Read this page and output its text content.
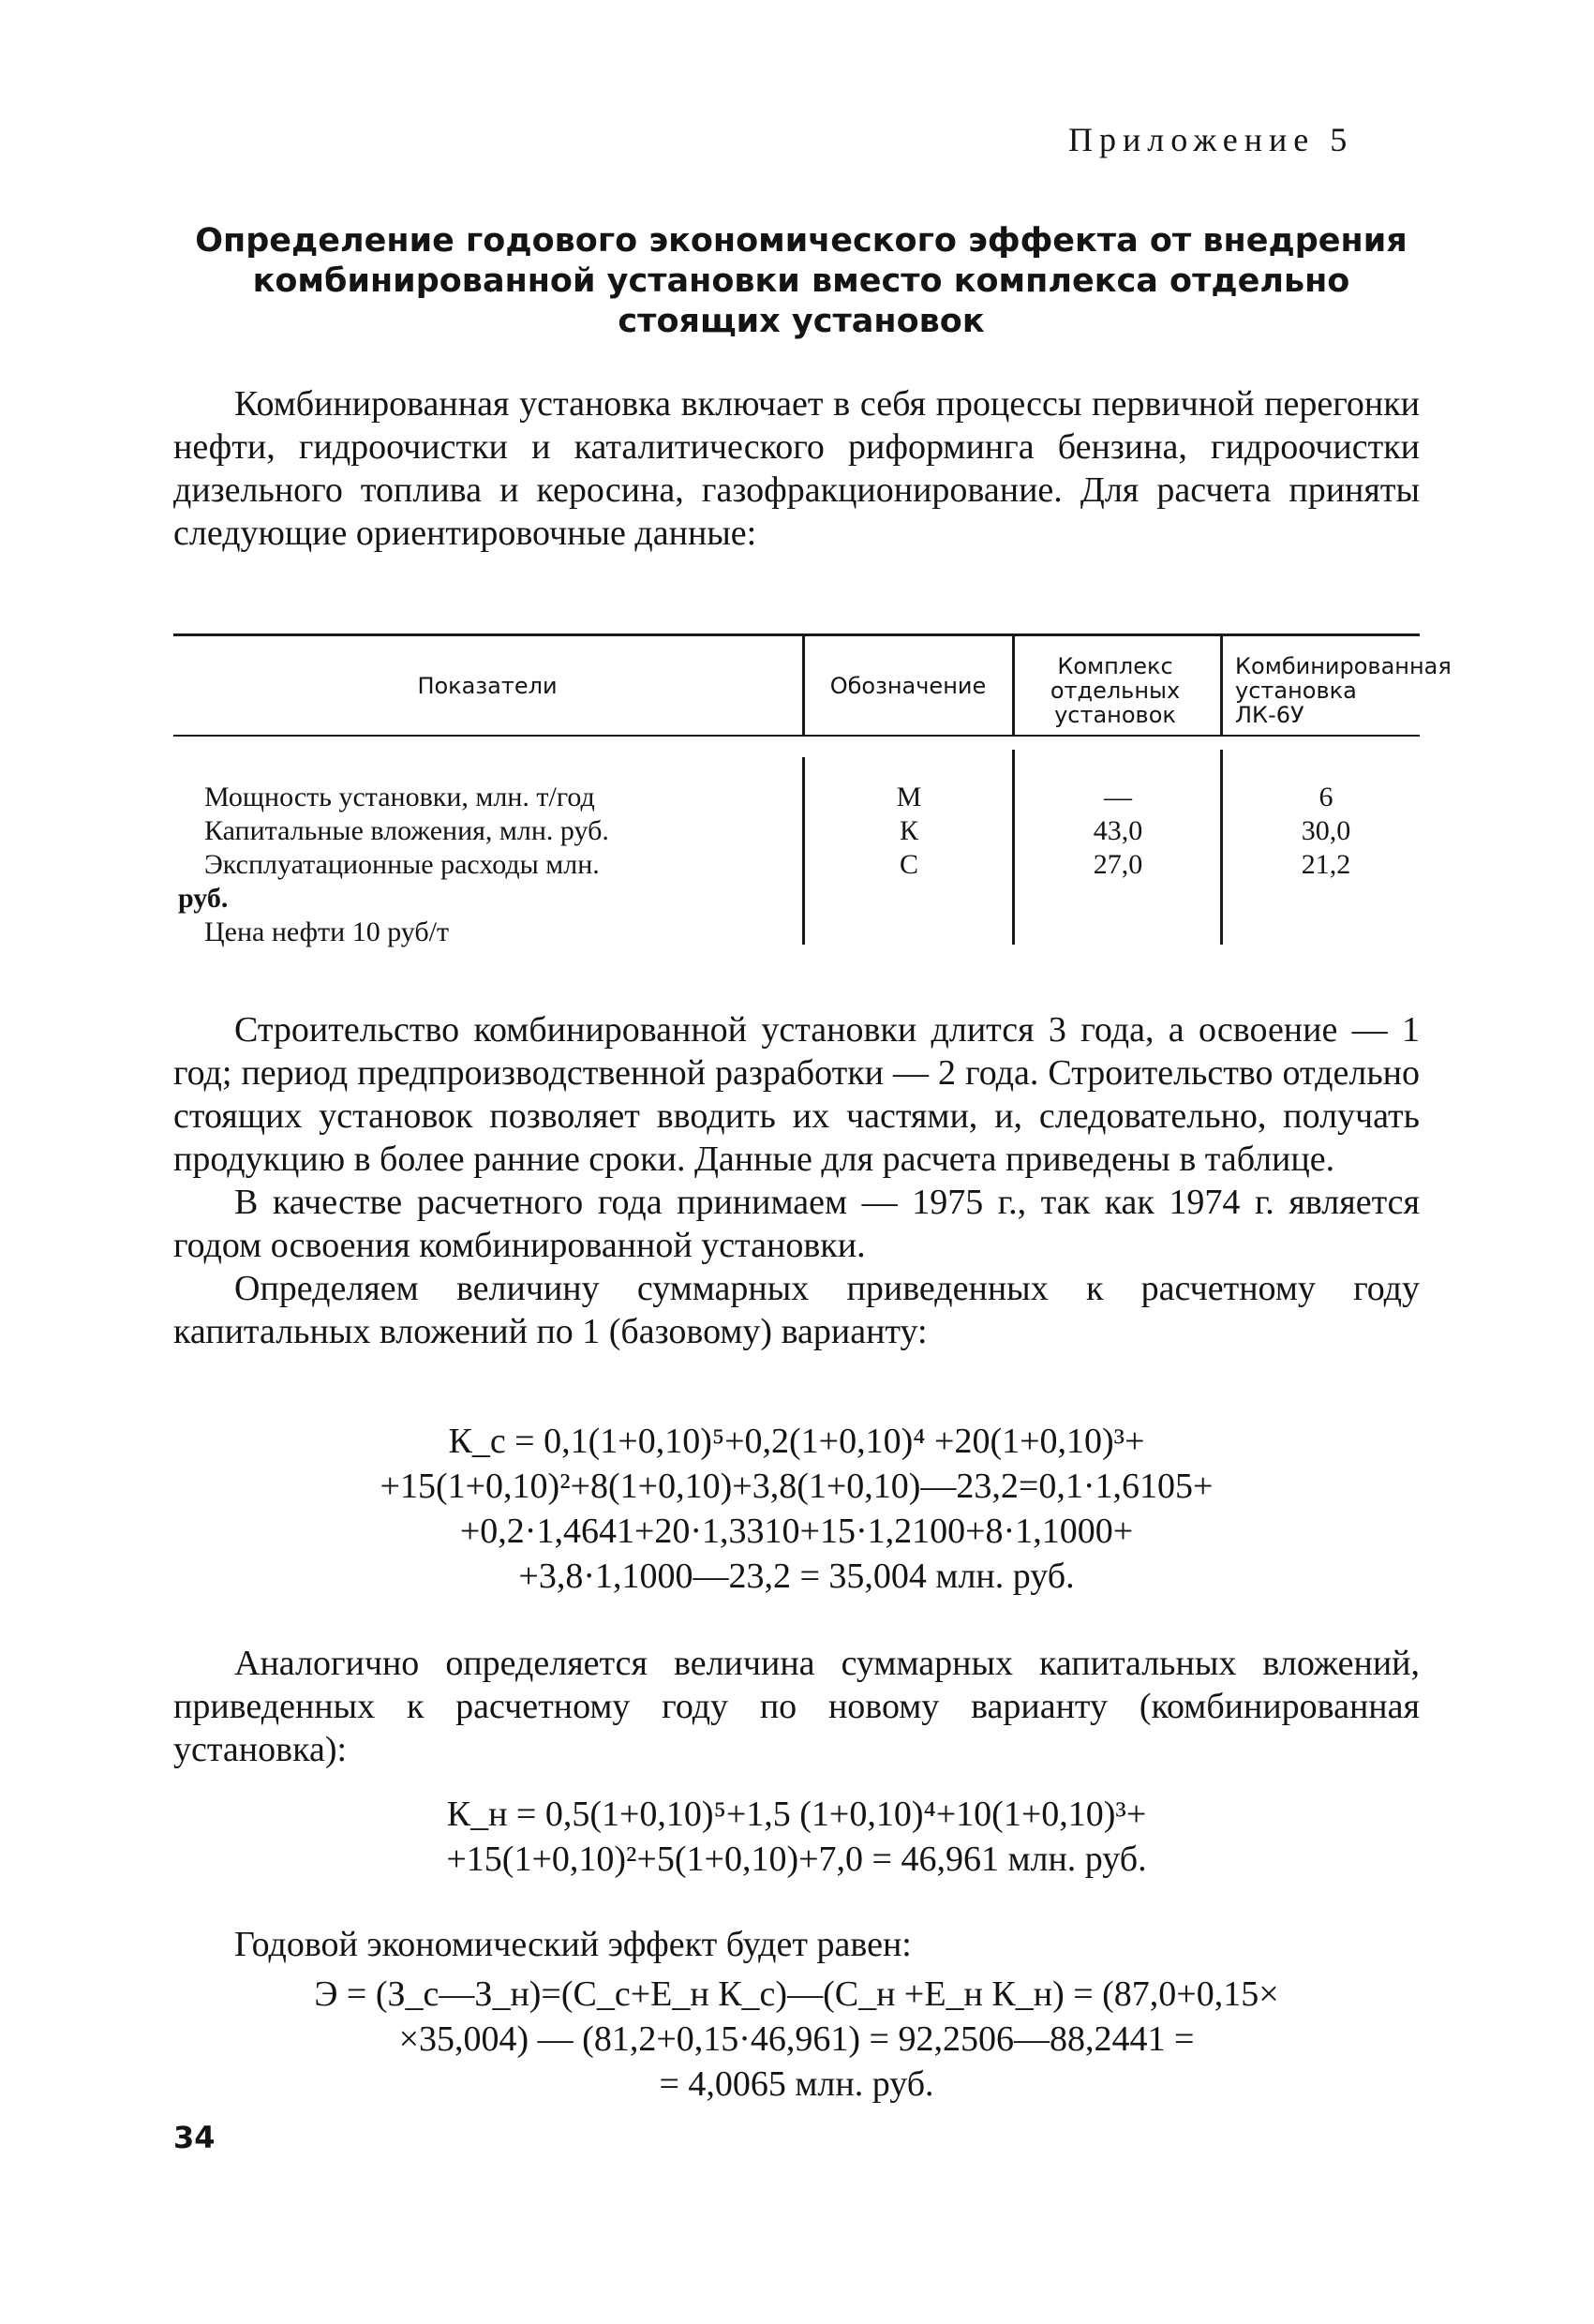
Приложение 5
Определение годового экономического эффекта от внедрения комбинированной установки вместо комплекса отдельно стоящих установок

Комбинированная установка включает в себя процессы первичной перегонки нефти, гидроочистки и каталитического риформинга бензина, гидроочистки дизельного топлива и керосина, газофракционирование. Для расчета приняты следующие ориентировочные данные:

Показатели	Обозначение
Комплекс отдельных установок
Комбинированная установка ЛК-6У
Мощность установки, млн. т/год
Капитальные вложения, млн. руб.
Эксплуатационные расходы млн.
руб.
Цена нефти 10 руб/т
М
К
С
—
43,0
27,0
6
30,0
21,2

Строительство комбинированной установки длится 3 года, а освоение — 1 год; период предпроизводственной разработки — 2 года. Строительство отдельно стоящих установок позволяет вводить их частями, и, следовательно, получать продукцию в более ранние сроки. Данные для расчета приведены в таблице.

В качестве расчетного года принимаем — 1975 г., так как 1974 г. является годом освоения комбинированной установки.

Определяем величину суммарных приведенных к расчетному году капитальных вложений по 1 (базовому) варианту:

К_с = 0,1(1+0,10)⁵+0,2(1+0,10)⁴ +20(1+0,10)³+
+15(1+0,10)²+8(1+0,10)+3,8(1+0,10)—23,2=0,1·1,6105+
+0,2·1,4641+20·1,3310+15·1,2100+8·1,1000+
+3,8·1,1000—23,2 = 35,004 млн. руб.

Аналогично определяется величина суммарных капитальных вложений, приведенных к расчетному году по новому варианту (комбинированная установка):

К_н = 0,5(1+0,10)⁵+1,5 (1+0,10)⁴+10(1+0,10)³+
+15(1+0,10)²+5(1+0,10)+7,0 = 46,961 млн. руб.

Годовой экономический эффект будет равен:

Э = (З_с—З_н)=(С_с+Е_н К_с)—(С_н +Е_н К_н) = (87,0+0,15×
×35,004) — (81,2+0,15·46,961) = 92,2506—88,2441 =
= 4,0065 млн. руб.
34
